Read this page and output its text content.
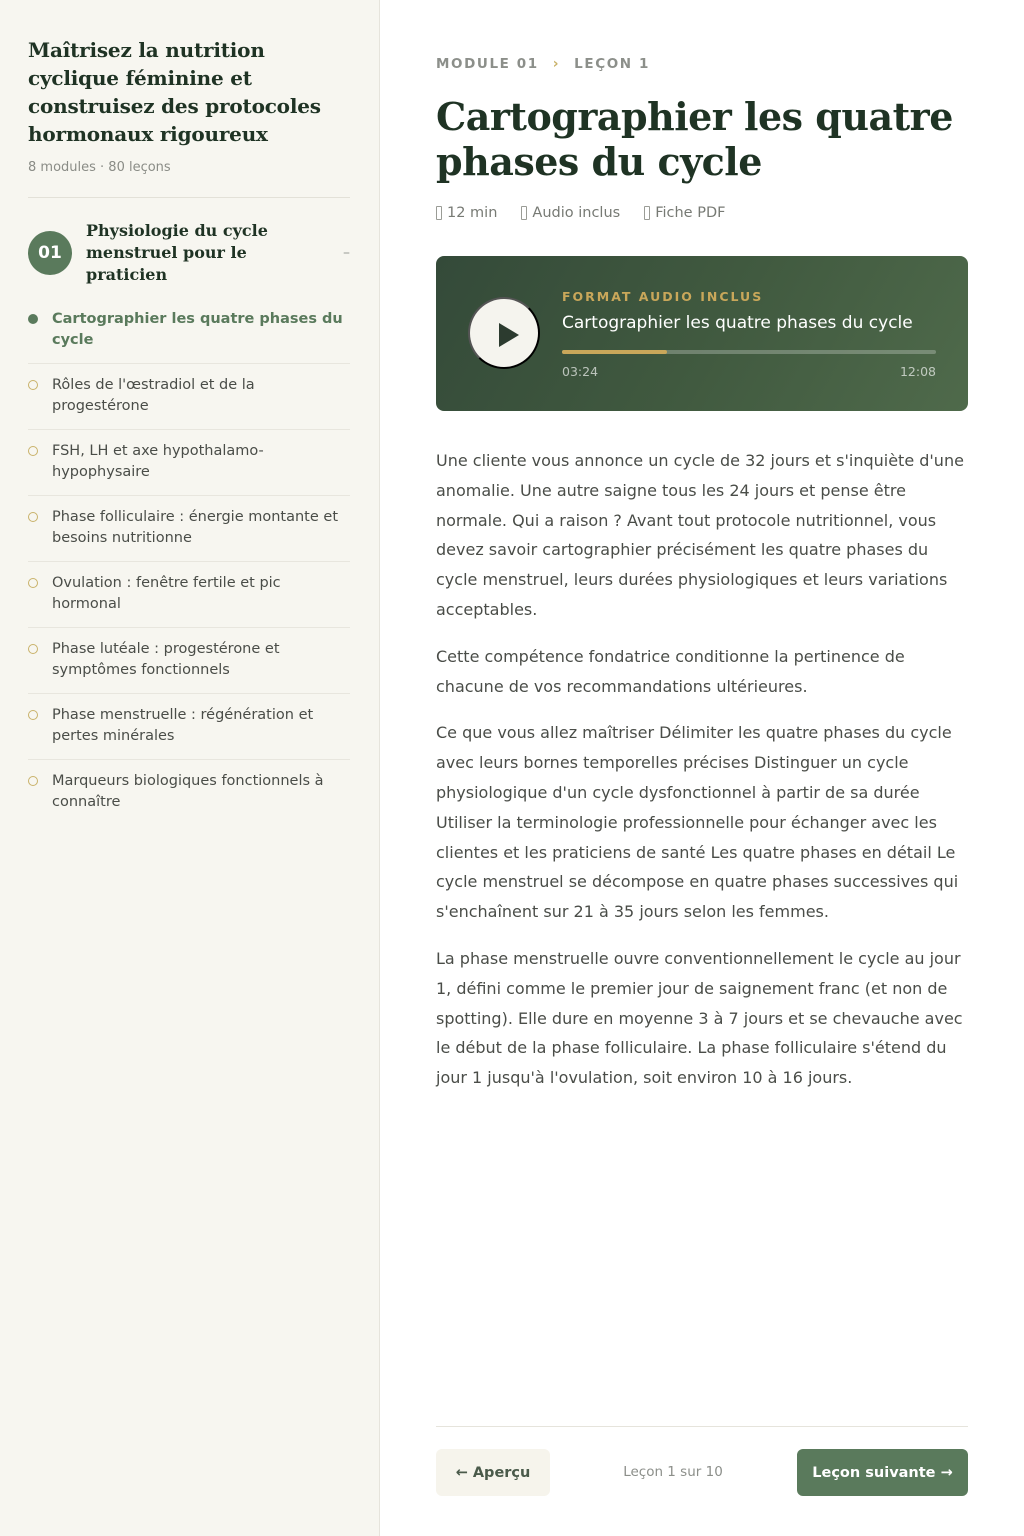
Maîtrisez la nutrition cyclique féminine et construisez des protocoles hormonaux rigoureux
8 modules · 80 leçons
01
Physiologie du cycle menstruel pour le praticien
–
Cartographier les quatre phases du cycle
Rôles de l'œstradiol et de la progestérone
FSH, LH et axe hypothalamo-hypophysaire
Phase folliculaire : énergie montante et besoins nutritionne
Ovulation : fenêtre fertile et pic hormonal
Phase lutéale : progestérone et symptômes fonctionnels
Phase menstruelle : régénération et pertes minérales
Marqueurs biologiques fonctionnels à connaître
MODULE 01 › LEÇON 1
Cartographier les quatre phases du cycle
12 min Audio inclus Fiche PDF
FORMAT AUDIO INCLUS
Cartographier les quatre phases du cycle
03:24	12:08

Une cliente vous annonce un cycle de 32 jours et s'inquiète d'une anomalie. Une autre saigne tous les 24 jours et pense être normale. Qui a raison ? Avant tout protocole nutritionnel, vous devez savoir cartographier précisément les quatre phases du cycle menstruel, leurs durées physiologiques et leurs variations acceptables.

Cette compétence fondatrice conditionne la pertinence de chacune de vos recommandations ultérieures.

Ce que vous allez maîtriser Délimiter les quatre phases du cycle avec leurs bornes temporelles précises Distinguer un cycle physiologique d'un cycle dysfonctionnel à partir de sa durée Utiliser la terminologie professionnelle pour échanger avec les clientes et les praticiens de santé Les quatre phases en détail Le cycle menstruel se décompose en quatre phases successives qui s'enchaînent sur 21 à 35 jours selon les femmes.

La phase menstruelle ouvre conventionnellement le cycle au jour 1, défini comme le premier jour de saignement franc (et non de spotting). Elle dure en moyenne 3 à 7 jours et se chevauche avec le début de la phase folliculaire. La phase folliculaire s'étend du jour 1 jusqu'à l'ovulation, soit environ 10 à 16 jours.

← Aperçu	Leçon 1 sur 10	Leçon suivante →
